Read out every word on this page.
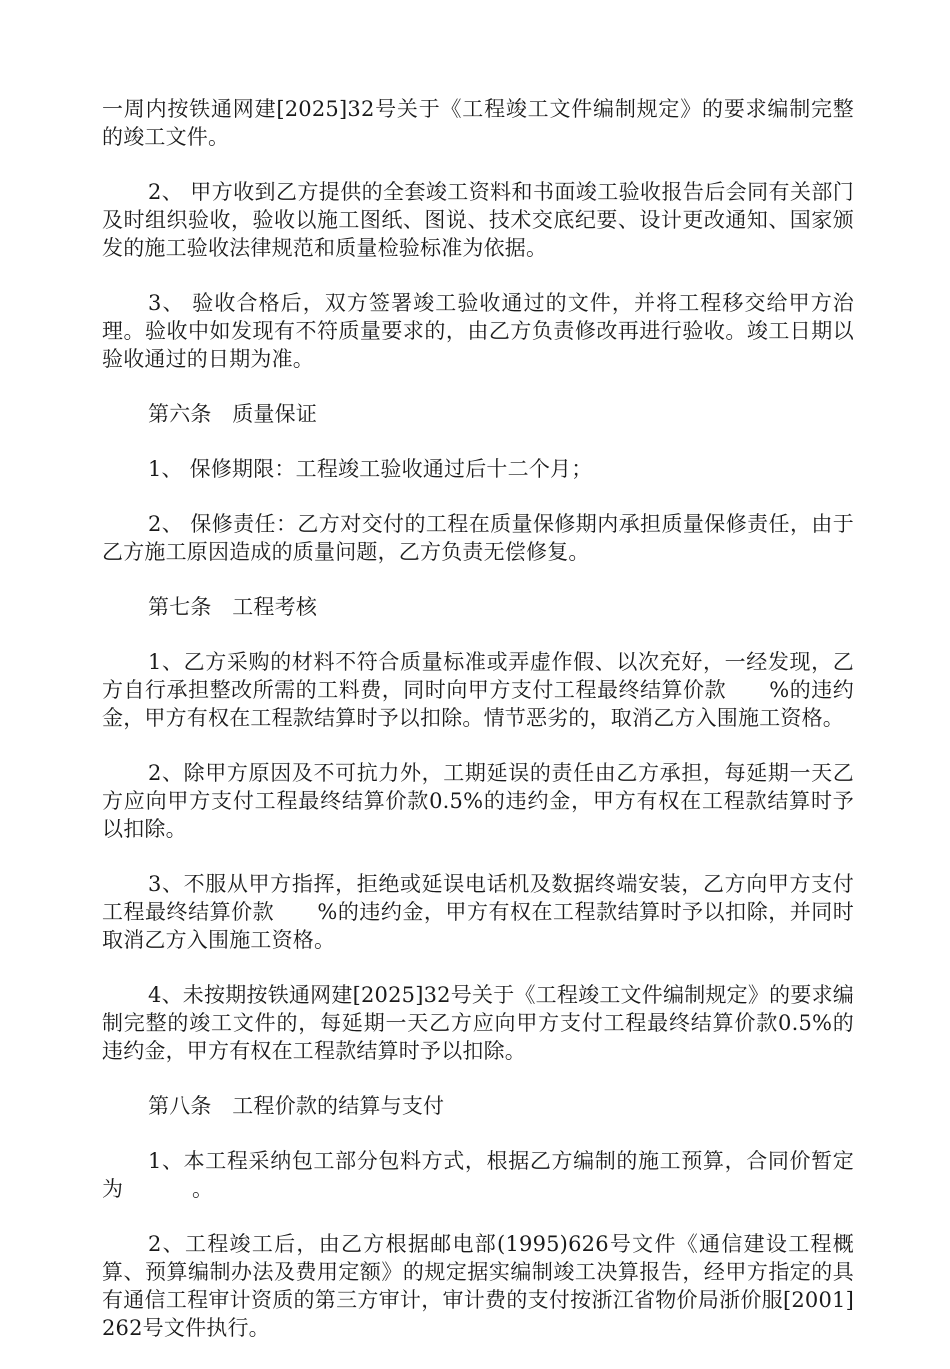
一周内按铁通网建[2025]32号关于《工程竣工文件编制规定》的要求编制完整的竣工文件。

2、 甲方收到乙方提供的全套竣工资料和书面竣工验收报告后会同有关部门及时组织验收，验收以施工图纸、图说、技术交底纪要、设计更改通知、国家颁发的施工验收法律规范和质量检验标准为依据。

3、 验收合格后，双方签署竣工验收通过的文件，并将工程移交给甲方治理。验收中如发现有不符质量要求的，由乙方负责修改再进行验收。竣工日期以验收通过的日期为准。

第六条   质量保证

1、 保修期限：工程竣工验收通过后十二个月；

2、 保修责任：乙方对交付的工程在质量保修期内承担质量保修责任，由于乙方施工原因造成的质量问题，乙方负责无偿修复。

第七条   工程考核

1、乙方采购的材料不符合质量标准或弄虚作假、以次充好，一经发现，乙方自行承担整改所需的工料费，同时向甲方支付工程最终结算价款      %的违约金，甲方有权在工程款结算时予以扣除。情节恶劣的，取消乙方入围施工资格。

2、除甲方原因及不可抗力外，工期延误的责任由乙方承担，每延期一天乙方应向甲方支付工程最终结算价款0.5%的违约金，甲方有权在工程款结算时予以扣除。

3、不服从甲方指挥，拒绝或延误电话机及数据终端安装，乙方向甲方支付工程最终结算价款      %的违约金，甲方有权在工程款结算时予以扣除，并同时取消乙方入围施工资格。

4、未按期按铁通网建[2025]32号关于《工程竣工文件编制规定》的要求编制完整的竣工文件的，每延期一天乙方应向甲方支付工程最终结算价款0.5%的违约金，甲方有权在工程款结算时予以扣除。

第八条   工程价款的结算与支付

1、本工程采纳包工部分包料方式，根据乙方编制的施工预算，合同价暂定为          。

2、工程竣工后，由乙方根据邮电部(1995)626号文件《通信建设工程概算、预算编制办法及费用定额》的规定据实编制竣工决算报告，经甲方指定的具有通信工程审计资质的第三方审计，审计费的支付按浙江省物价局浙价服[2001]262号文件执行。
